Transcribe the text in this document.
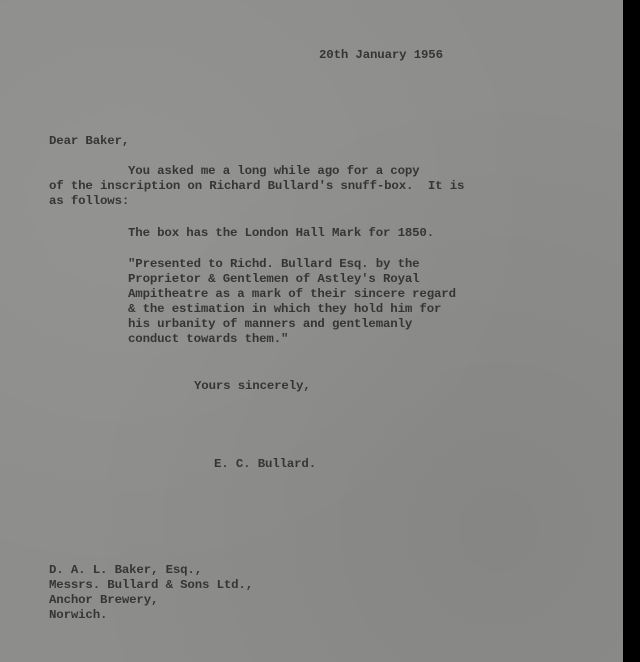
20th January 1956
Dear Baker,
You asked me a long while ago for a copy
of the inscription on Richard Bullard's snuff-box.  It is
as follows:
The box has the London Hall Mark for 1850.
"Presented to Richd. Bullard Esq. by the
Proprietor & Gentlemen of Astley's Royal
Ampitheatre as a mark of their sincere regard
& the estimation in which they hold him for
his urbanity of manners and gentlemanly
conduct towards them."
Yours sincerely,
E. C. Bullard.
D. A. L. Baker, Esq.,
Messrs. Bullard & Sons Ltd.,
Anchor Brewery,
Norwich.
